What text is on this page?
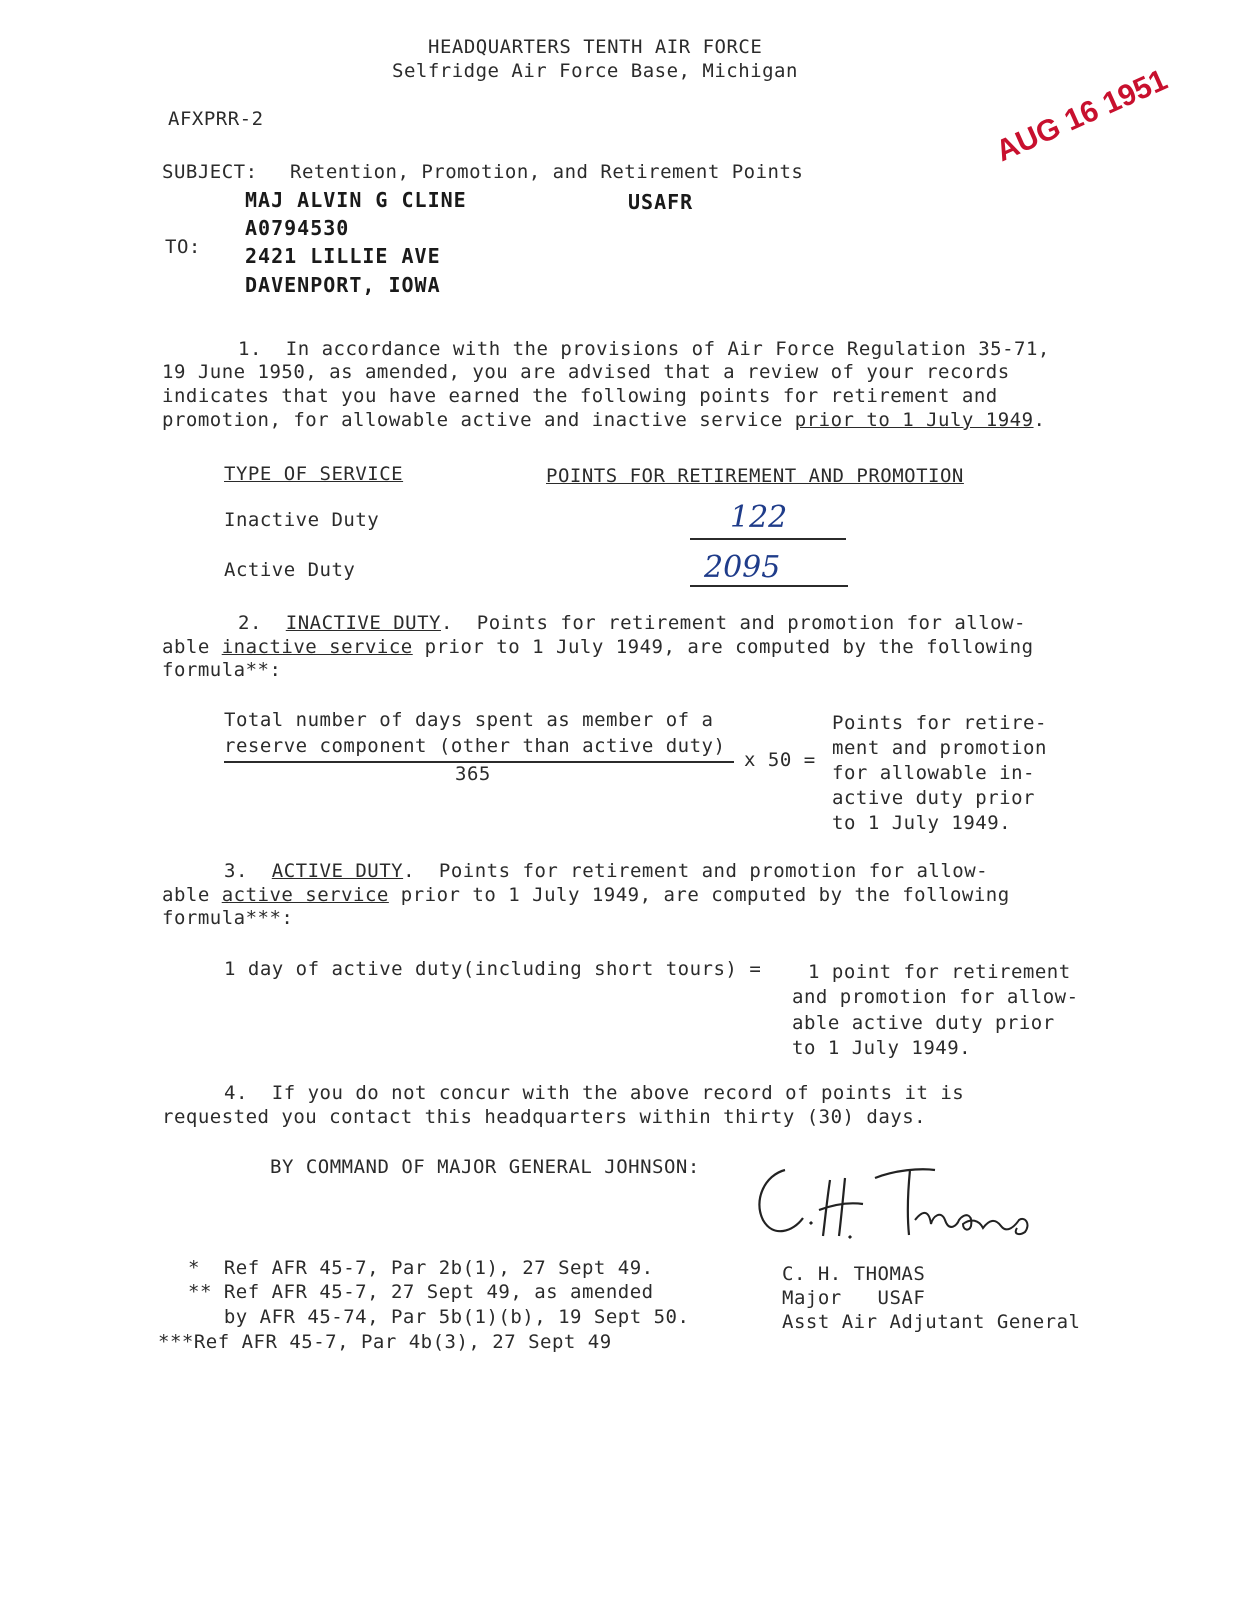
HEADQUARTERS TENTH AIR FORCE
Selfridge Air Force Base, Michigan
AFXPRR-2	AUG 16 1951
SUBJECT: Retention, Promotion, and Retirement Points
MAJ ALVIN G CLINE	USAFR
A0794530
TO: 2421 LILLIE AVE
DAVENPORT, IOWA
1.  In accordance with the provisions of Air Force Regulation 35-71,
19 June 1950, as amended, you are advised that a review of your records
indicates that you have earned the following points for retirement and
promotion, for allowable active and inactive service prior to 1 July 1949.
TYPE OF SERVICE	POINTS FOR RETIREMENT AND PROMOTION
Inactive Duty	122
Active Duty	2095
2.  INACTIVE DUTY.  Points for retirement and promotion for allow-
able inactive service prior to 1 July 1949, are computed by the following
formula**:
Total number of days spent as member of a
reserve component (other than active duty)
365
x 50 =
Points for retire-
ment and promotion
for allowable in-
active duty prior
to 1 July 1949.
3.  ACTIVE DUTY.  Points for retirement and promotion for allow-
able active service prior to 1 July 1949, are computed by the following
formula***:
1 day of active duty(including short tours) = 1 point for retirement
and promotion for allow-
able active duty prior
to 1 July 1949.
4.  If you do not concur with the above record of points it is
requested you contact this headquarters within thirty (30) days.
BY COMMAND OF MAJOR GENERAL JOHNSON:
C. H. THOMAS
Major   USAF
Asst Air Adjutant General
*  Ref AFR 45-7, Par 2b(1), 27 Sept 49.
** Ref AFR 45-7, 27 Sept 49, as amended
by AFR 45-74, Par 5b(1)(b), 19 Sept 50.
***Ref AFR 45-7, Par 4b(3), 27 Sept 49
